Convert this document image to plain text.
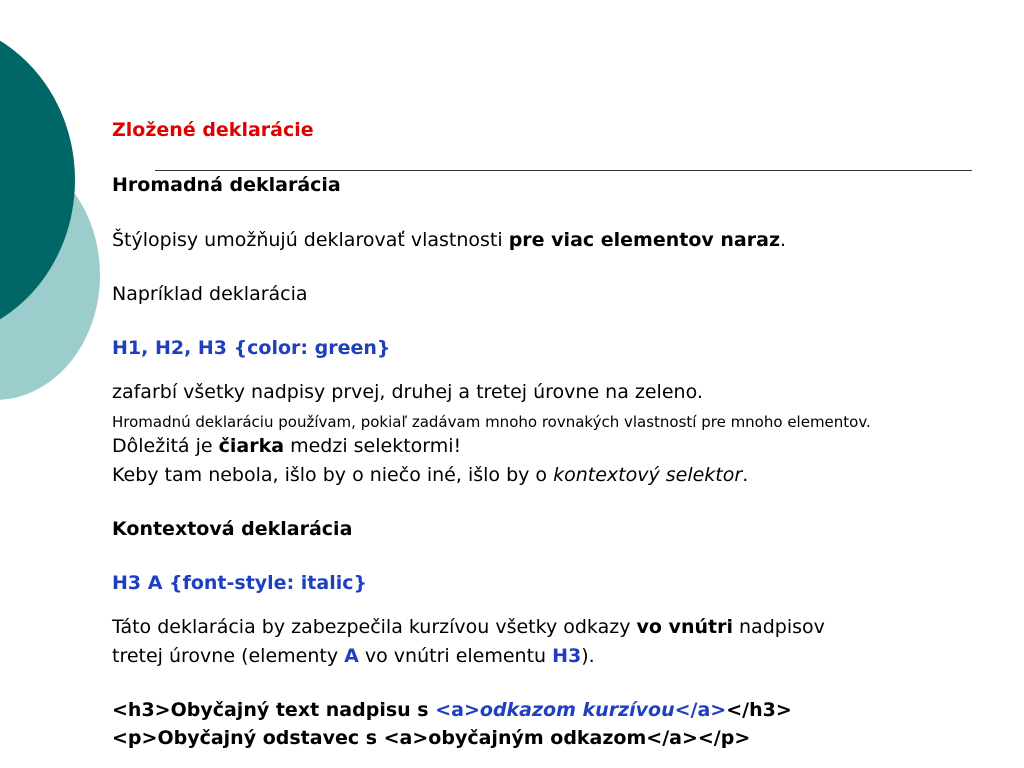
Zložené deklarácie
Hromadná deklarácia
Štýlopisy umožňujú deklarovať vlastnosti pre viac elementov naraz.
Napríklad deklarácia
H1, H2, H3 {color: green}
zafarbí všetky nadpisy prvej, druhej a tretej úrovne na zeleno.
Hromadnú deklaráciu používam, pokiaľ zadávam mnoho rovnakých vlastností pre mnoho elementov.
Dôležitá je čiarka medzi selektormi!
Keby tam nebola, išlo by o niečo iné, išlo by o kontextový selektor.
Kontextová deklarácia
H3 A {font-style: italic}
Táto deklarácia by zabezpečila kurzívou všetky odkazy vo vnútri nadpisov
tretej úrovne (elementy A vo vnútri elementu H3).
<h3>Obyčajný text nadpisu s <a>odkazom kurzívou</a></h3>
<p>Obyčajný odstavec s <a>obyčajným odkazom</a></p>
